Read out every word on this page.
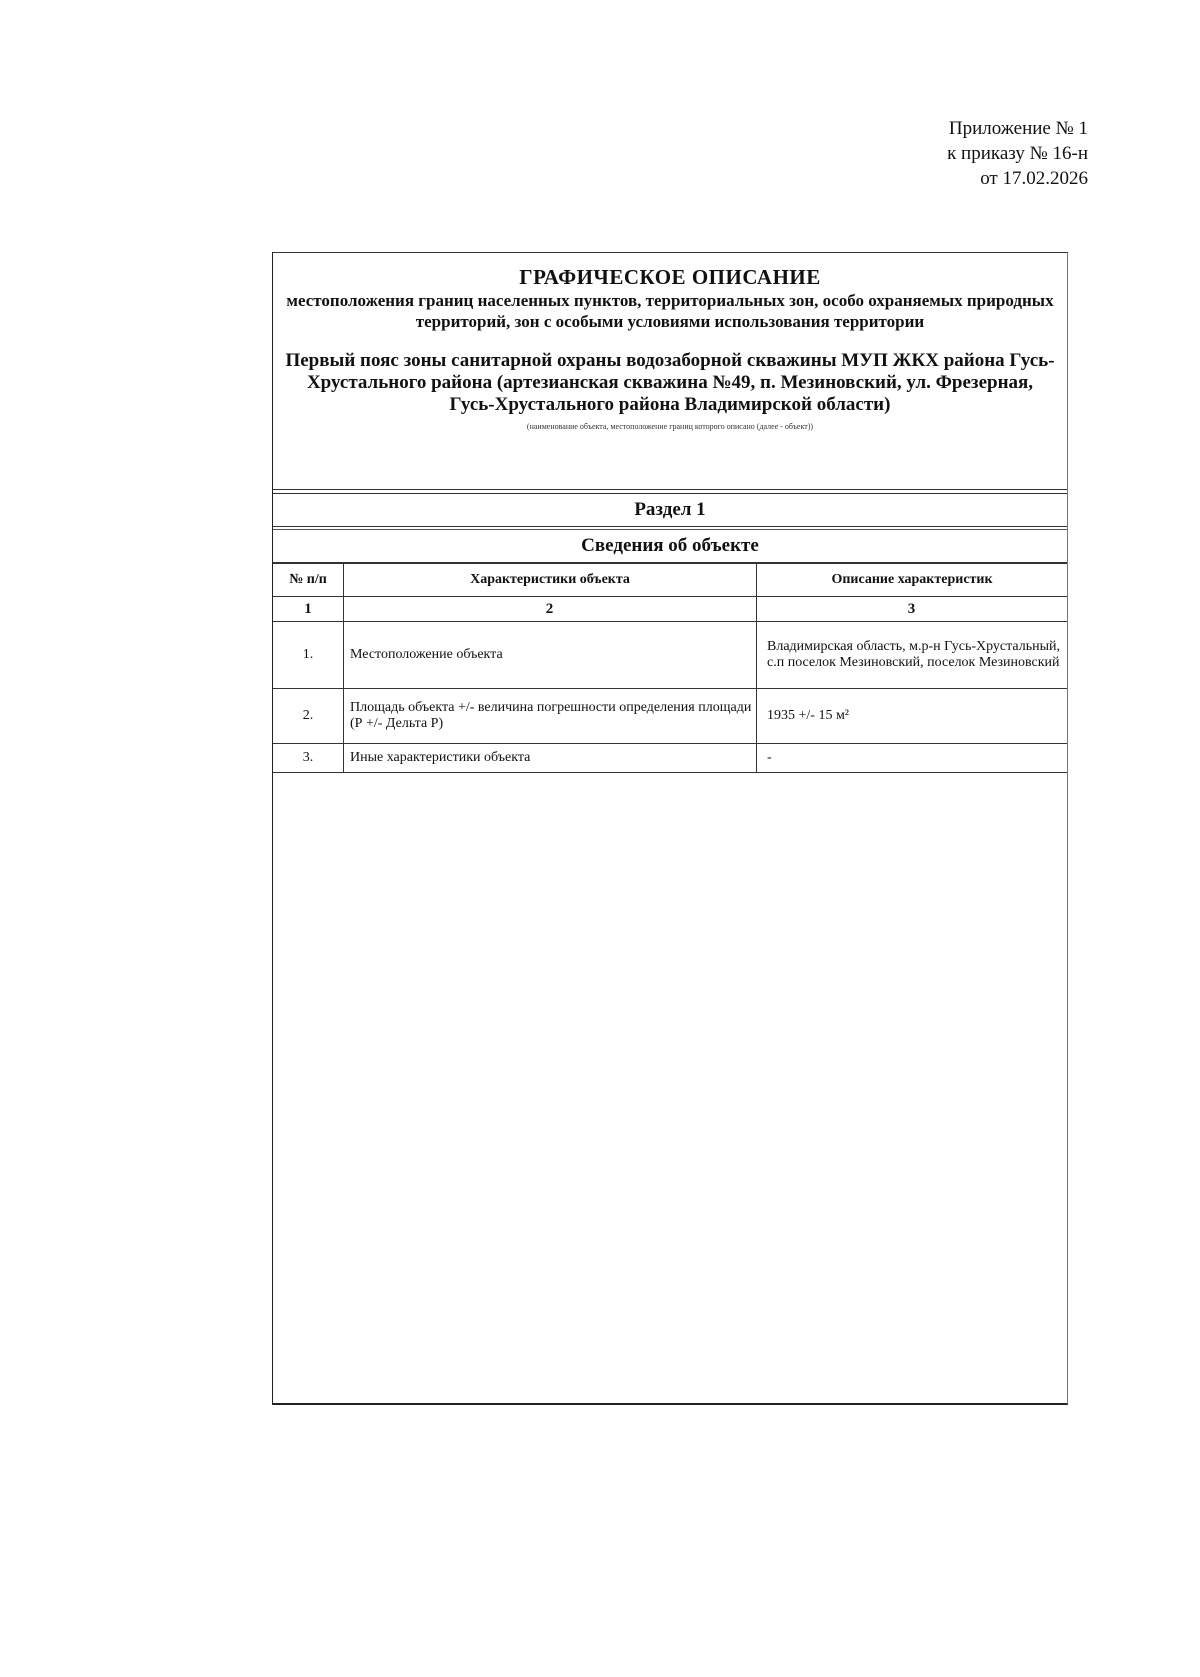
Приложение № 1
к приказу № 16-н
от 17.02.2026
ГРАФИЧЕСКОЕ ОПИСАНИЕ
местоположения границ населенных пунктов, территориальных зон, особо охраняемых природных территорий, зон с особыми условиями использования территории
Первый пояс зоны санитарной охраны водозаборной скважины МУП ЖКХ района Гусь-Хрустального района (артезианская скважина №49, п. Мезиновский, ул. Фрезерная, Гусь-Хрустального района Владимирской области)
(наименование объекта, местоположение границ которого описано (далее - объект))
Раздел 1
Сведения об объекте
№ п/п	Характеристики объекта	Описание характеристик
1	2	3
1.	Местоположение объекта	Владимирская область, м.р-н Гусь-Хрустальный, с.п поселок Мезиновский, поселок Мезиновский
2.	Площадь объекта +/- величина погрешности определения площади (Р +/- Дельта Р)	1935 +/- 15 м²
3.	Иные характеристики объекта	-
